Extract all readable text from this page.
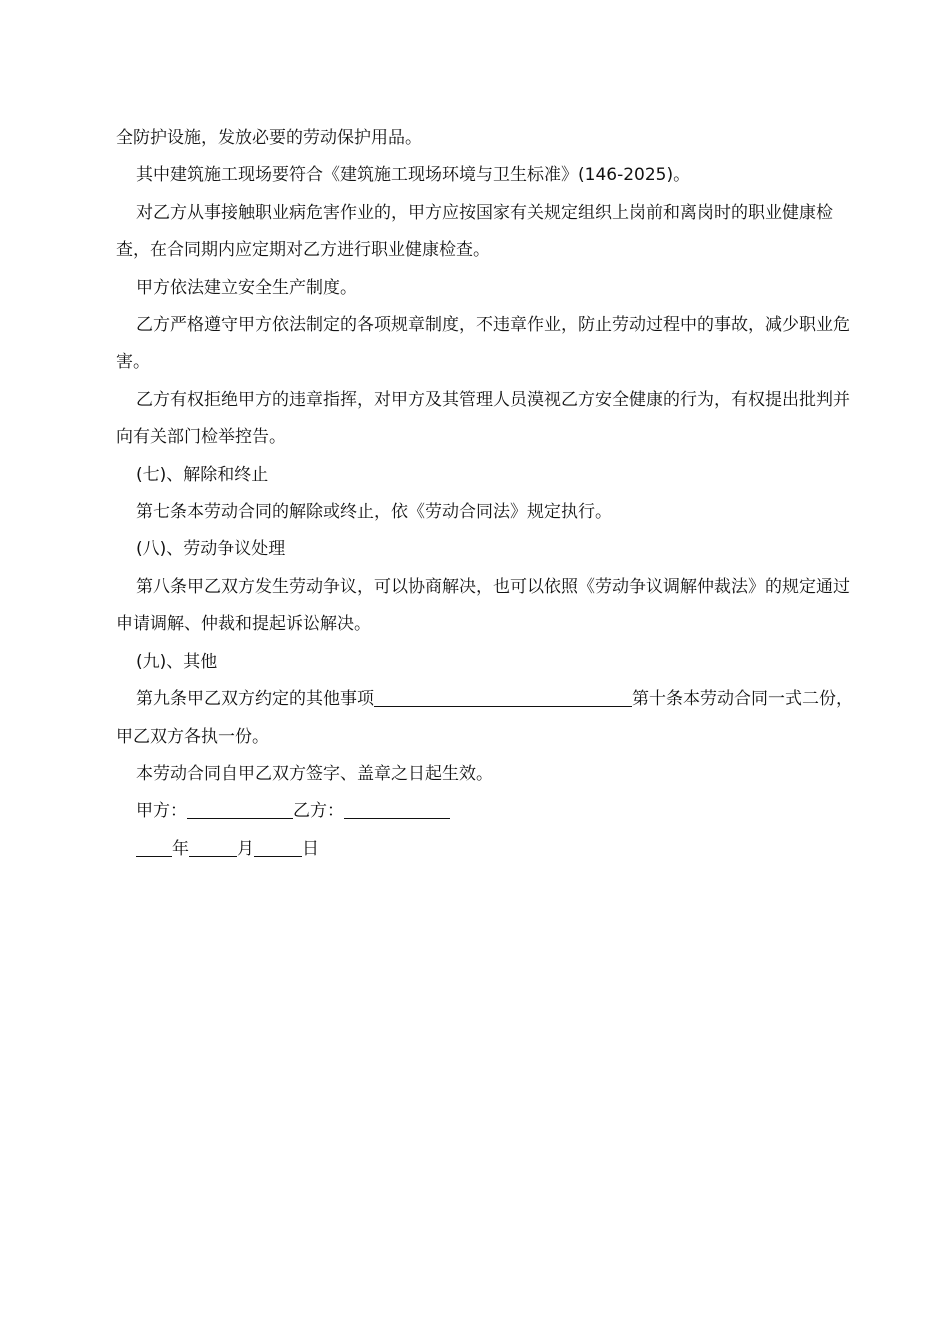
全防护设施，发放必要的劳动保护用品。

其中建筑施工现场要符合《建筑施工现场环境与卫生标准》(146-2025)。

对乙方从事接触职业病危害作业的，甲方应按国家有关规定组织上岗前和离岗时的职业健康检查，在合同期内应定期对乙方进行职业健康检查。

甲方依法建立安全生产制度。

乙方严格遵守甲方依法制定的各项规章制度，不违章作业，防止劳动过程中的事故，减少职业危害。

乙方有权拒绝甲方的违章指挥，对甲方及其管理人员漠视乙方安全健康的行为，有权提出批判并向有关部门检举控告。

(七)、解除和终止

第七条本劳动合同的解除或终止，依《劳动合同法》规定执行。

(八)、劳动争议处理

第八条甲乙双方发生劳动争议，可以协商解决，也可以依照《劳动争议调解仲裁法》的规定通过申请调解、仲裁和提起诉讼解决。

(九)、其他

第九条甲乙双方约定的其他事项	第十条本劳动合同一式二份，甲乙双方各执一份。

本劳动合同自甲乙双方签字、盖章之日起生效。

甲方：	乙方：

年	月	日
